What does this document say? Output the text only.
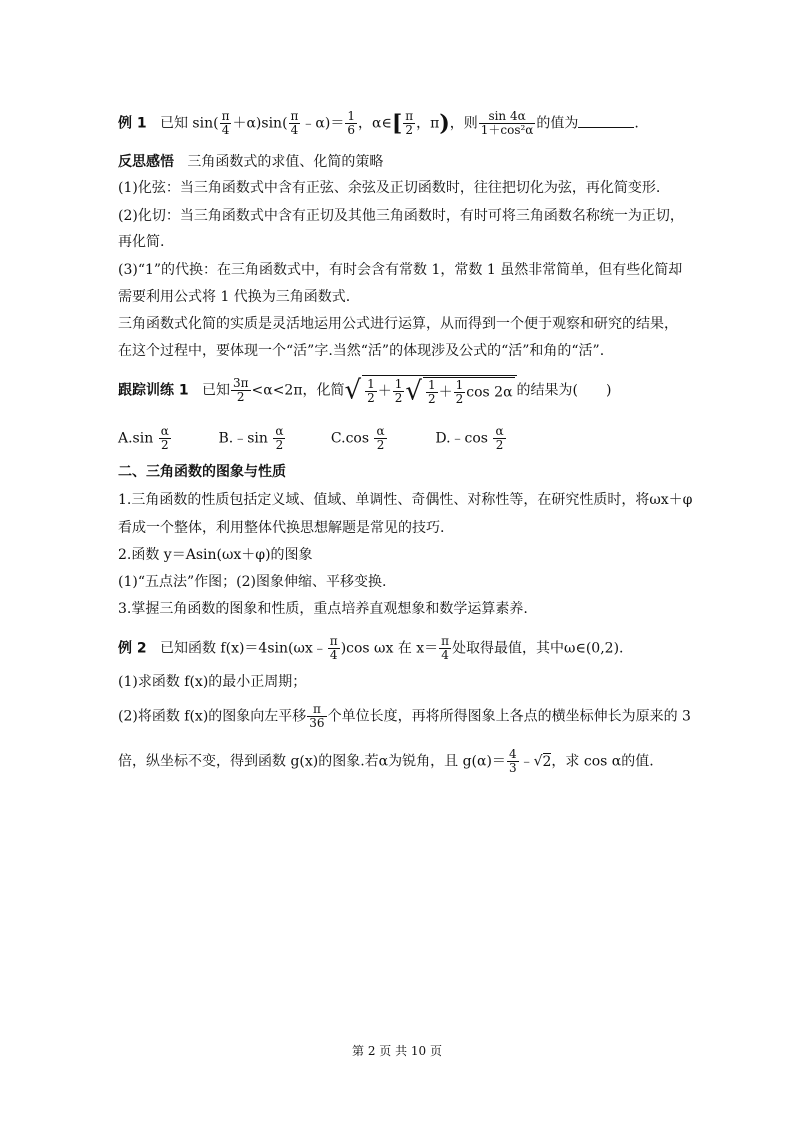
例 1 已知 $\sin( \frac{\pi}{4} +\alpha)\sin( \frac{\pi}{4}$ ﹣α)＝ $\frac{1}{6}$ ，α∈[ $\frac{\pi}{2}$ ，π)，则 $\frac{\sin 4\alpha}{\text{1＋cos²α}}$ 的值为	.
反思感悟 三角函数式的求值、化简的策略
(1)化弦：当三角函数式中含有正弦、余弦及正切函数时，往往把切化为弦，再化简变形.
(2)化切：当三角函数式中含有正切及其他三角函数时，有时可将三角函数名称统一为正切，
再化简.
(3)“1”的代换：在三角函数式中，有时会含有常数 1，常数 1 虽然非常简单，但有些化简却
需要利用公式将 1 代换为三角函数式.
三角函数式化简的实质是灵活地运用公式进行运算，从而得到一个便于观察和研究的结果，
在这个过程中，要体现一个“活”字.当然“活”的体现涉及公式的“活”和角的“活”.
跟踪训练 1 已知 $\frac{3\pi}{2} <\alpha<2\pi$，化简√ $\frac{1}{2} + \frac{1}{2}$ √ $\frac{1}{2} + \frac{1}{2}$ cos 2α 的结果为(　　)
$A.\sin \frac{\alpha}{2}$	B.﹣sin $\frac{\alpha}{2}$	$C.\cos \frac{\alpha}{2}$	D.﹣cos $\frac{\alpha}{2}$
二、三角函数的图象与性质
1.三角函数的性质包括定义域、值域、单调性、奇偶性、对称性等，在研究性质时，将ωx＋φ
看成一个整体，利用整体代换思想解题是常见的技巧.
2.函数 y＝Asin(ωx＋φ)的图象
(1)“五点法”作图；(2)图象伸缩、平移变换.
3.掌握三角函数的图象和性质，重点培养直观想象和数学运算素养.
例 2 已知函数 f(x)＝4sin(ωx﹣ $\frac{\pi}{4} )\cos$ ωx 在 $x= \frac{\pi}{4}$ 处取得最值，其中ω∈(0,2).
(1)求函数 f(x)的最小正周期；
(2)将函数 f(x)的图象向左平移 $\frac{\pi}{36}$ 个单位长度，再将所得图象上各点的横坐标伸长为原来的 3
倍，纵坐标不变，得到函数 g(x)的图象.若α为锐角，且 $g(\alpha)= \frac{4}{3}$ ﹣√2，求 cos α的值.
第 2 页 共 10 页
